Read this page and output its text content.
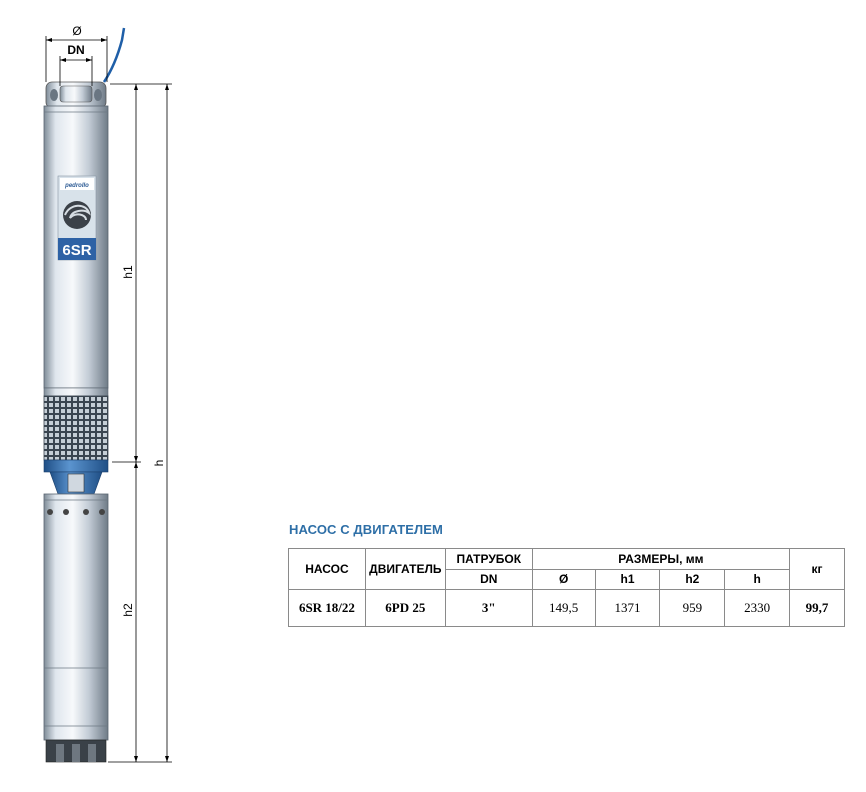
pedrollo
6SR
Ø
DN
h1
h
h2
НАСОС С ДВИГАТЕЛЕМ
НАСОС	ДВИГАТЕЛЬ	ПАТРУБОК	РАЗМЕРЫ, мм				кг
		DN	Ø	h1	h2	h	
6SR 18/22	6PD 25	3"	149,5	1371	959	2330	99,7
